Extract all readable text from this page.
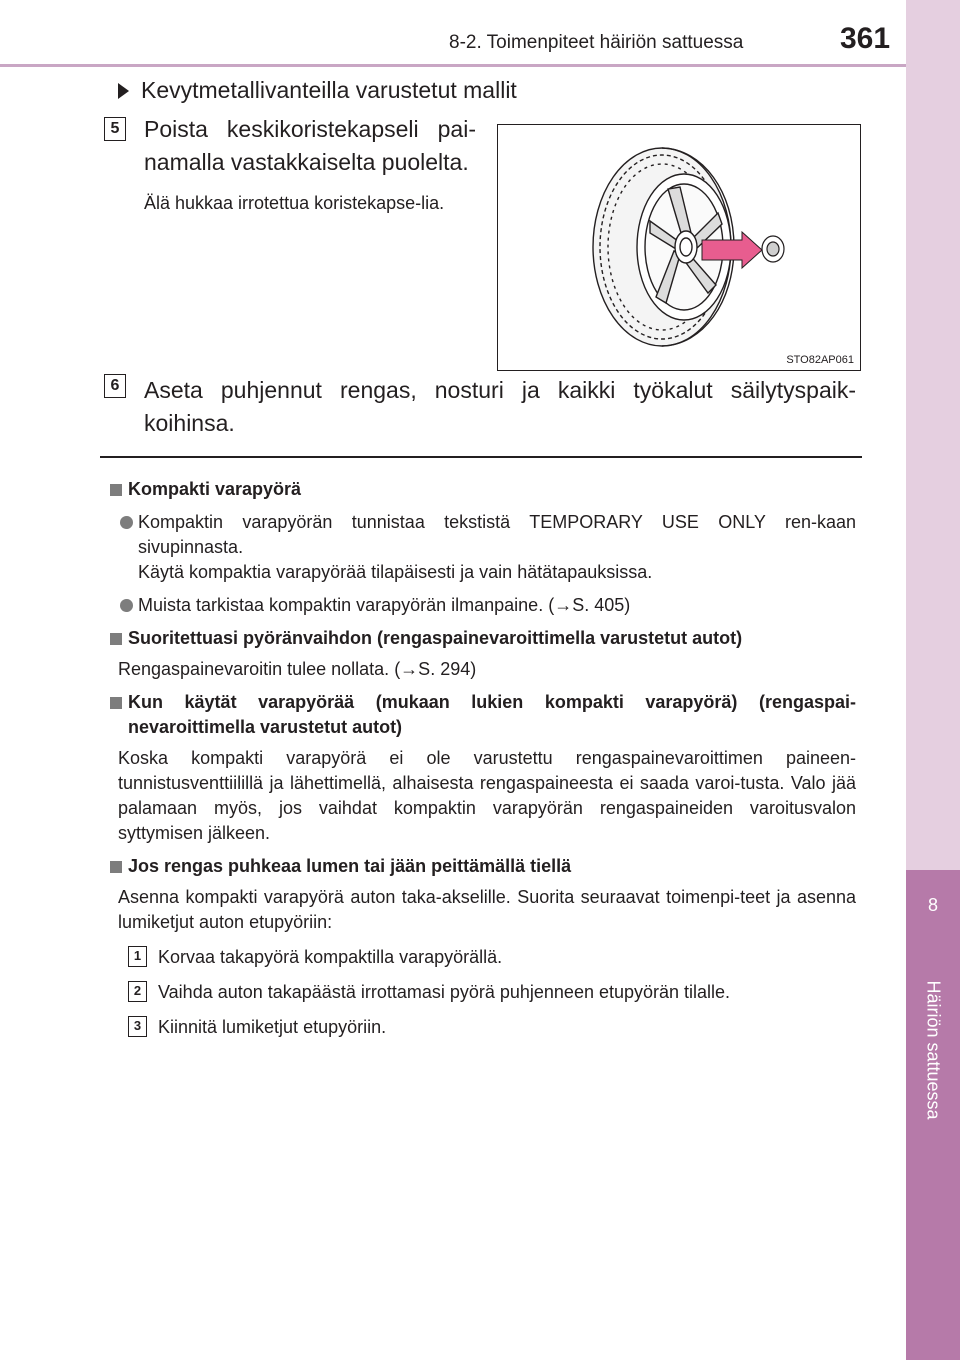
8
Häiriön sattuessa
8-2. Toimenpiteet häiriön sattuessa	361
Kevytmetallivanteilla varustetut mallit
5 Poista keskikoristekapseli pai-namalla vastakkaiselta puolelta.
Älä hukkaa irrotettua koristekapse-lia.
STO82AP061
6 Aseta puhjennut rengas, nosturi ja kaikki työkalut säilytyspaik-koihinsa.
Kompakti varapyörä
Kompaktin varapyörän tunnistaa tekstistä TEMPORARY USE ONLY ren-kaan sivupinnasta.
Käytä kompaktia varapyörää tilapäisesti ja vain hätätapauksissa.
Muista tarkistaa kompaktin varapyörän ilmanpaine. (→S. 405)
Suoritettuasi pyöränvaihdon (rengaspainevaroittimella varustetut autot)
Rengaspainevaroitin tulee nollata. (→S. 294)
Kun käytät varapyörää (mukaan lukien kompakti varapyörä) (rengaspai-nevaroittimella varustetut autot)
Koska kompakti varapyörä ei ole varustettu rengaspainevaroittimen paineen-tunnistusventtiilillä ja lähettimellä, alhaisesta rengaspaineesta ei saada varoi-tusta. Valo jää palamaan myös, jos vaihdat kompaktin varapyörän rengaspaineiden varoitusvalon syttymisen jälkeen.
Jos rengas puhkeaa lumen tai jään peittämällä tiellä
Asenna kompakti varapyörä auton taka-akselille. Suorita seuraavat toimenpi-teet ja asenna lumiketjut auton etupyöriin:
1 Korvaa takapyörä kompaktilla varapyörällä.
2 Vaihda auton takapäästä irrottamasi pyörä puhjenneen etupyörän tilalle.
3 Kiinnitä lumiketjut etupyöriin.
